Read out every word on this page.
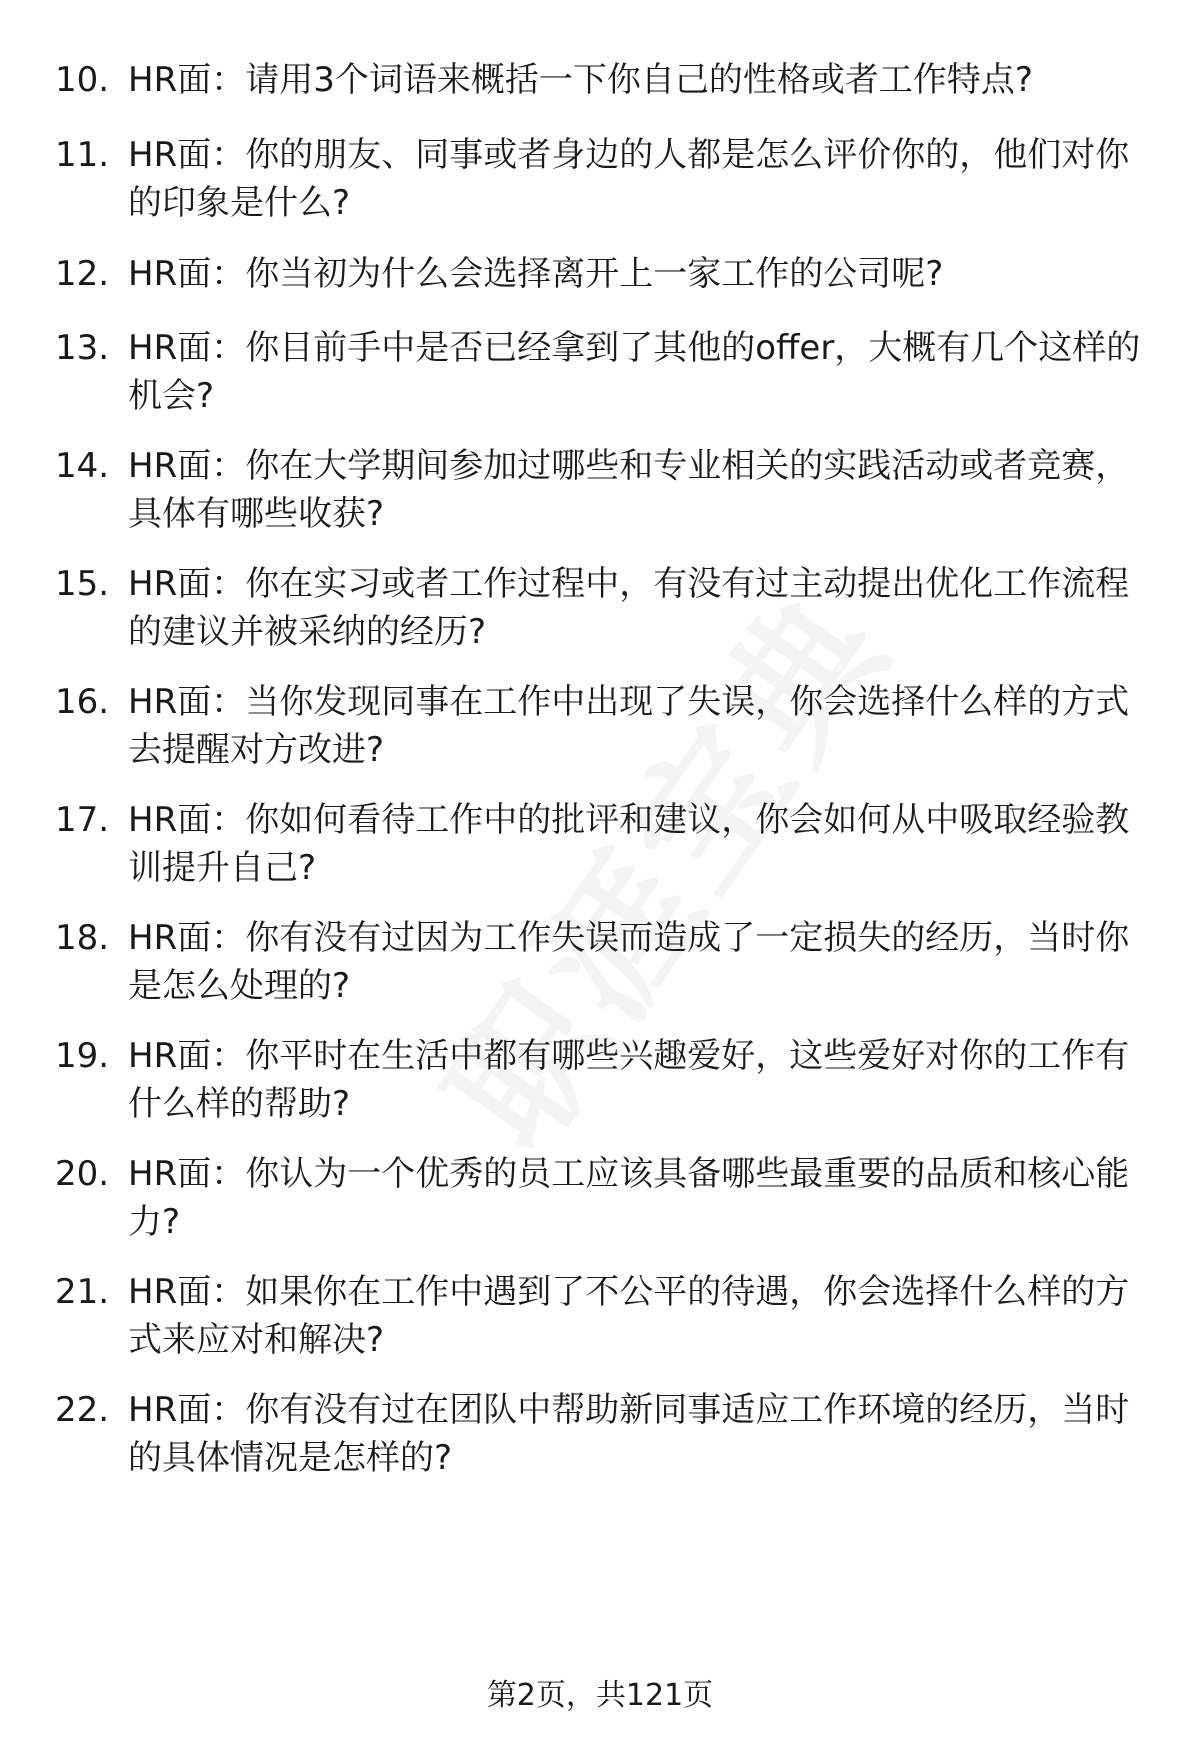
10. HR面：请用3个词语来概括一下你自己的性格或者工作特点?
11. HR面：你的朋友、同事或者身边的人都是怎么评价你的，他们对你的印象是什么?
12. HR面：你当初为什么会选择离开上一家工作的公司呢?
13. HR面：你目前手中是否已经拿到了其他的offer，大概有几个这样的机会?
14. HR面：你在大学期间参加过哪些和专业相关的实践活动或者竞赛，具体有哪些收获?
15. HR面：你在实习或者工作过程中，有没有过主动提出优化工作流程的建议并被采纳的经历?
16. HR面：当你发现同事在工作中出现了失误，你会选择什么样的方式去提醒对方改进?
17. HR面：你如何看待工作中的批评和建议，你会如何从中吸取经验教训提升自己?
18. HR面：你有没有过因为工作失误而造成了一定损失的经历，当时你是怎么处理的?
19. HR面：你平时在生活中都有哪些兴趣爱好，这些爱好对你的工作有什么样的帮助?
20. HR面：你认为一个优秀的员工应该具备哪些最重要的品质和核心能力?
21. HR面：如果你在工作中遇到了不公平的待遇，你会选择什么样的方式来应对和解决?
22. HR面：你有没有过在团队中帮助新同事适应工作环境的经历，当时的具体情况是怎样的?
第2页，共121页
